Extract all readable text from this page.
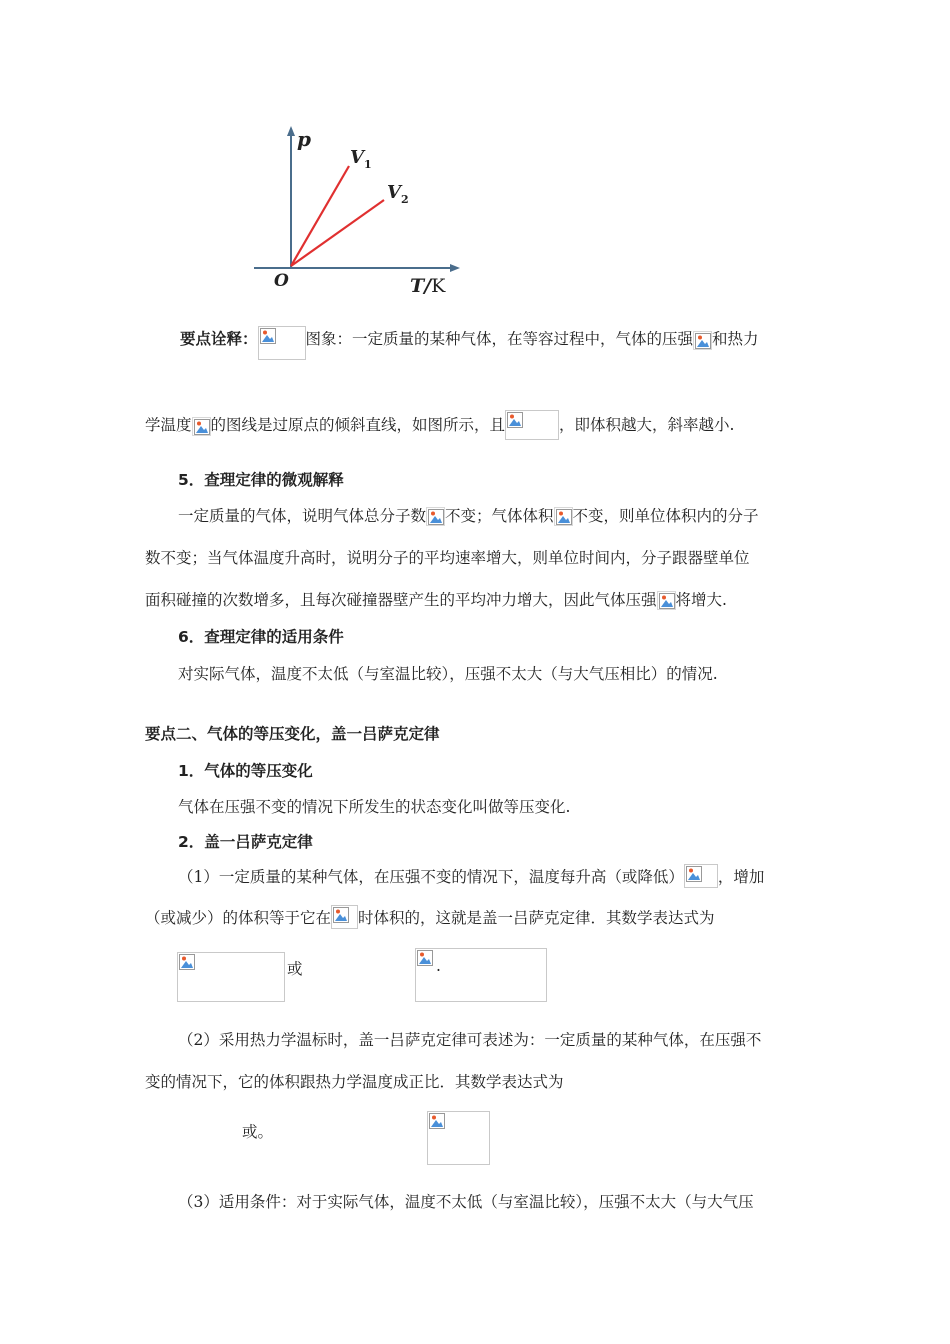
p
O
$V_1$
$V_2$
T/K
要点诠释：	图象：一定质量的某种气体，在等容过程中，气体的压强 和热力
学温度 的图线是过原点的倾斜直线，如图所示，且	，即体积越大，斜率越小.
5．查理定律的微观解释
一定质量的气体，说明气体总分子数 不变；气体体积 不变，则单位体积内的分子
数不变；当气体温度升高时，说明分子的平均速率增大，则单位时间内，分子跟器壁单位
面积碰撞的次数增多，且每次碰撞器壁产生的平均冲力增大，因此气体压强 将增大.
6．查理定律的适用条件
对实际气体，温度不太低（与室温比较），压强不太大（与大气压相比）的情况.
要点二、气体的等压变化，盖一吕萨克定律
1．气体的等压变化
气体在压强不变的情况下所发生的状态变化叫做等压变化.
2．盖一吕萨克定律
（1）一定质量的某种气体，在压强不变的情况下，温度每升高（或降低） ，增加
（或减少）的体积等于它在 时体积的，这就是盖一吕萨克定律．其数学表达式为

或
	.
（2）采用热力学温标时，盖一吕萨克定律可表述为：一定质量的某种气体，在压强不
变的情况下，它的体积跟热力学温度成正比．其数学表达式为
或。
（3）适用条件：对于实际气体，温度不太低（与室温比较），压强不太大（与大气压
